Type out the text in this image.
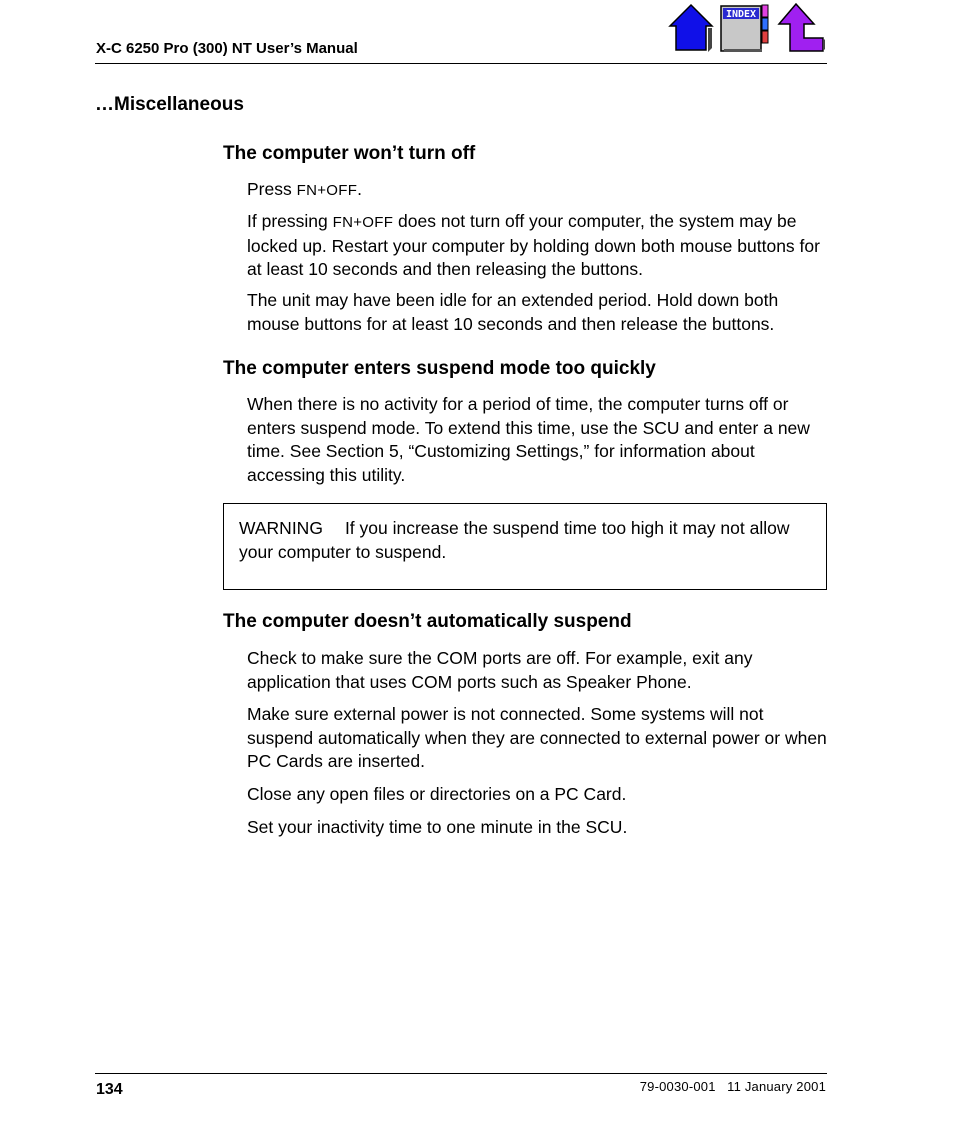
X-C 6250 Pro (300) NT User’s Manual
INDEX
…Miscellaneous
The computer won’t turn off
Press FN+OFF.
If pressing FN+OFF does not turn off your computer, the system may be locked up. Restart your computer by holding down both mouse buttons for at least 10 seconds and then releasing the buttons.
The unit may have been idle for an extended period. Hold down both mouse buttons for at least 10 seconds and then release the buttons.
The computer enters suspend mode too quickly
When there is no activity for a period of time, the computer turns off or enters suspend mode. To extend this time, use the SCU and enter a new time. See Section 5, “Customizing Settings,” for information about accessing this utility.
WARNING If you increase the suspend time too high it may not allow your computer to suspend.
The computer doesn’t automatically suspend
Check to make sure the COM ports are off. For example, exit any application that uses COM ports such as Speaker Phone.
Make sure external power is not connected. Some systems will not suspend automatically when they are connected to external power or when PC Cards are inserted.
Close any open files or directories on a PC Card.
Set your inactivity time to one minute in the SCU.
134	79-0030-001 11 January 2001
